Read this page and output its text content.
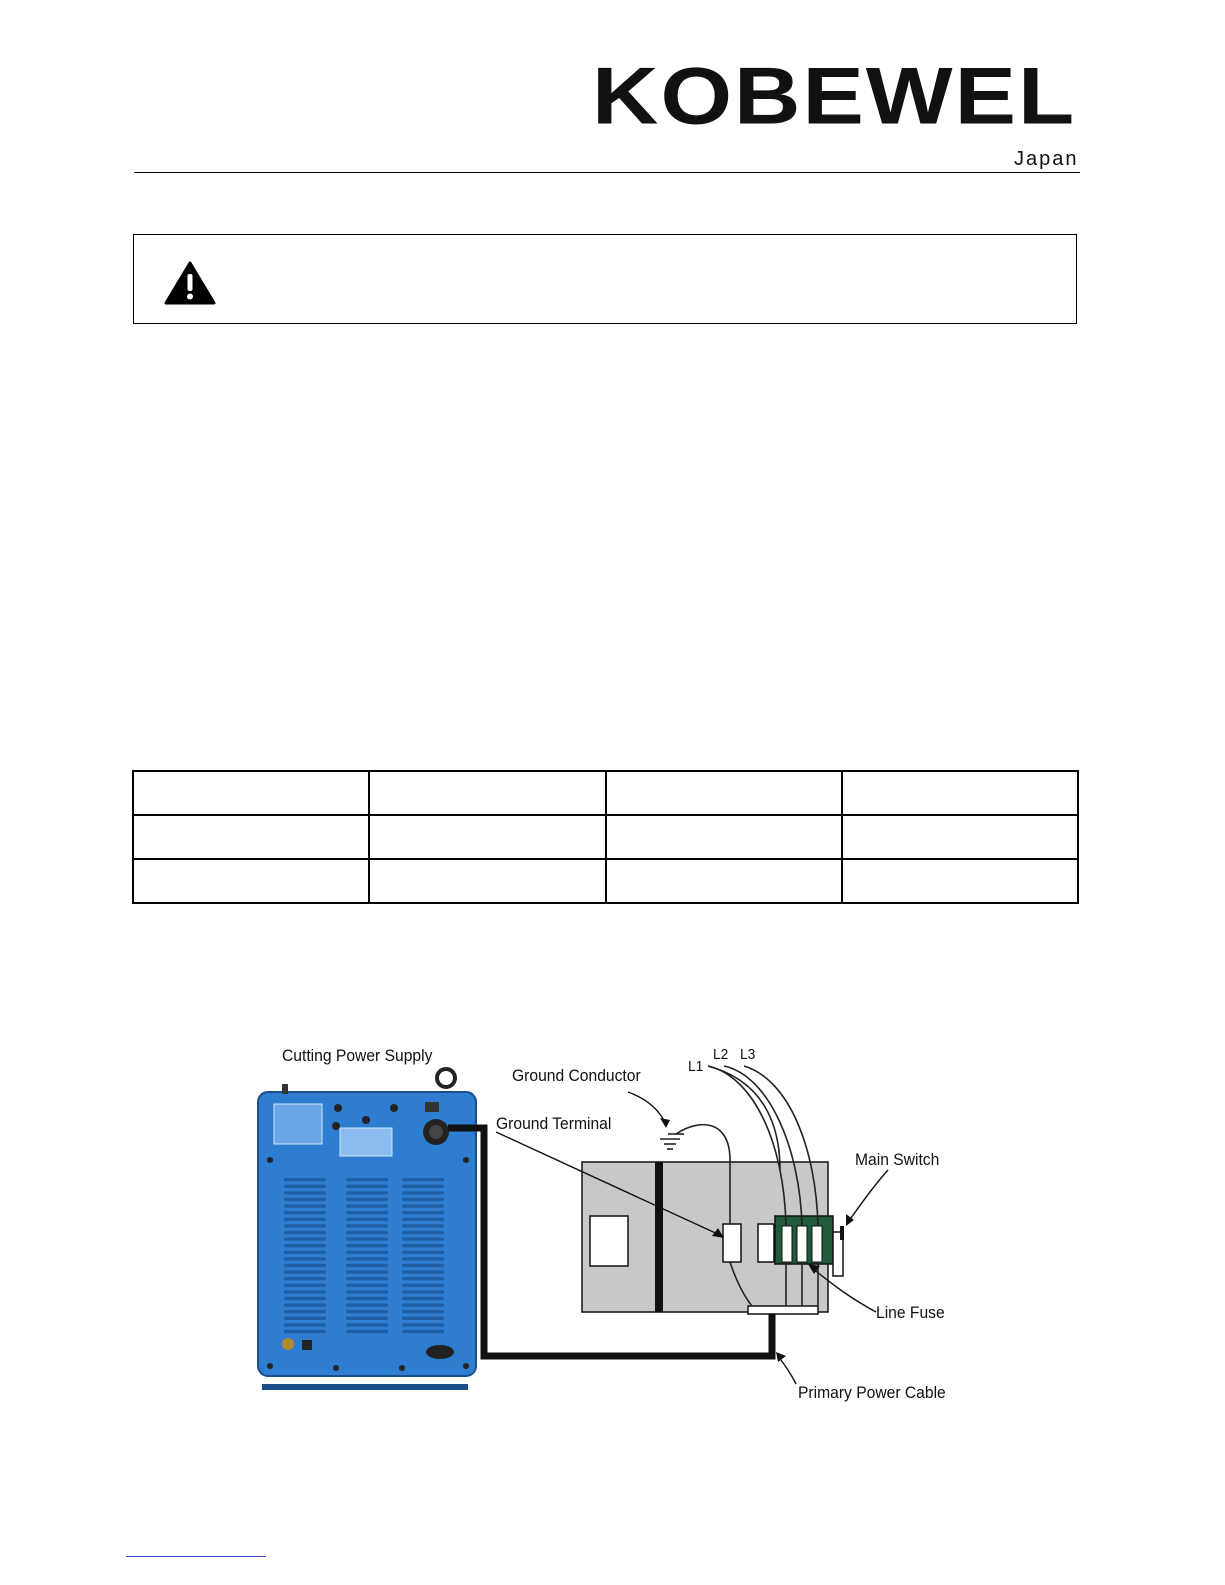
KOBEWEL
Japan

Cutting Power Supply
Ground Conductor
Ground Terminal
L1
L2 L3
Main Switch
Line Fuse
Primary Power Cable
